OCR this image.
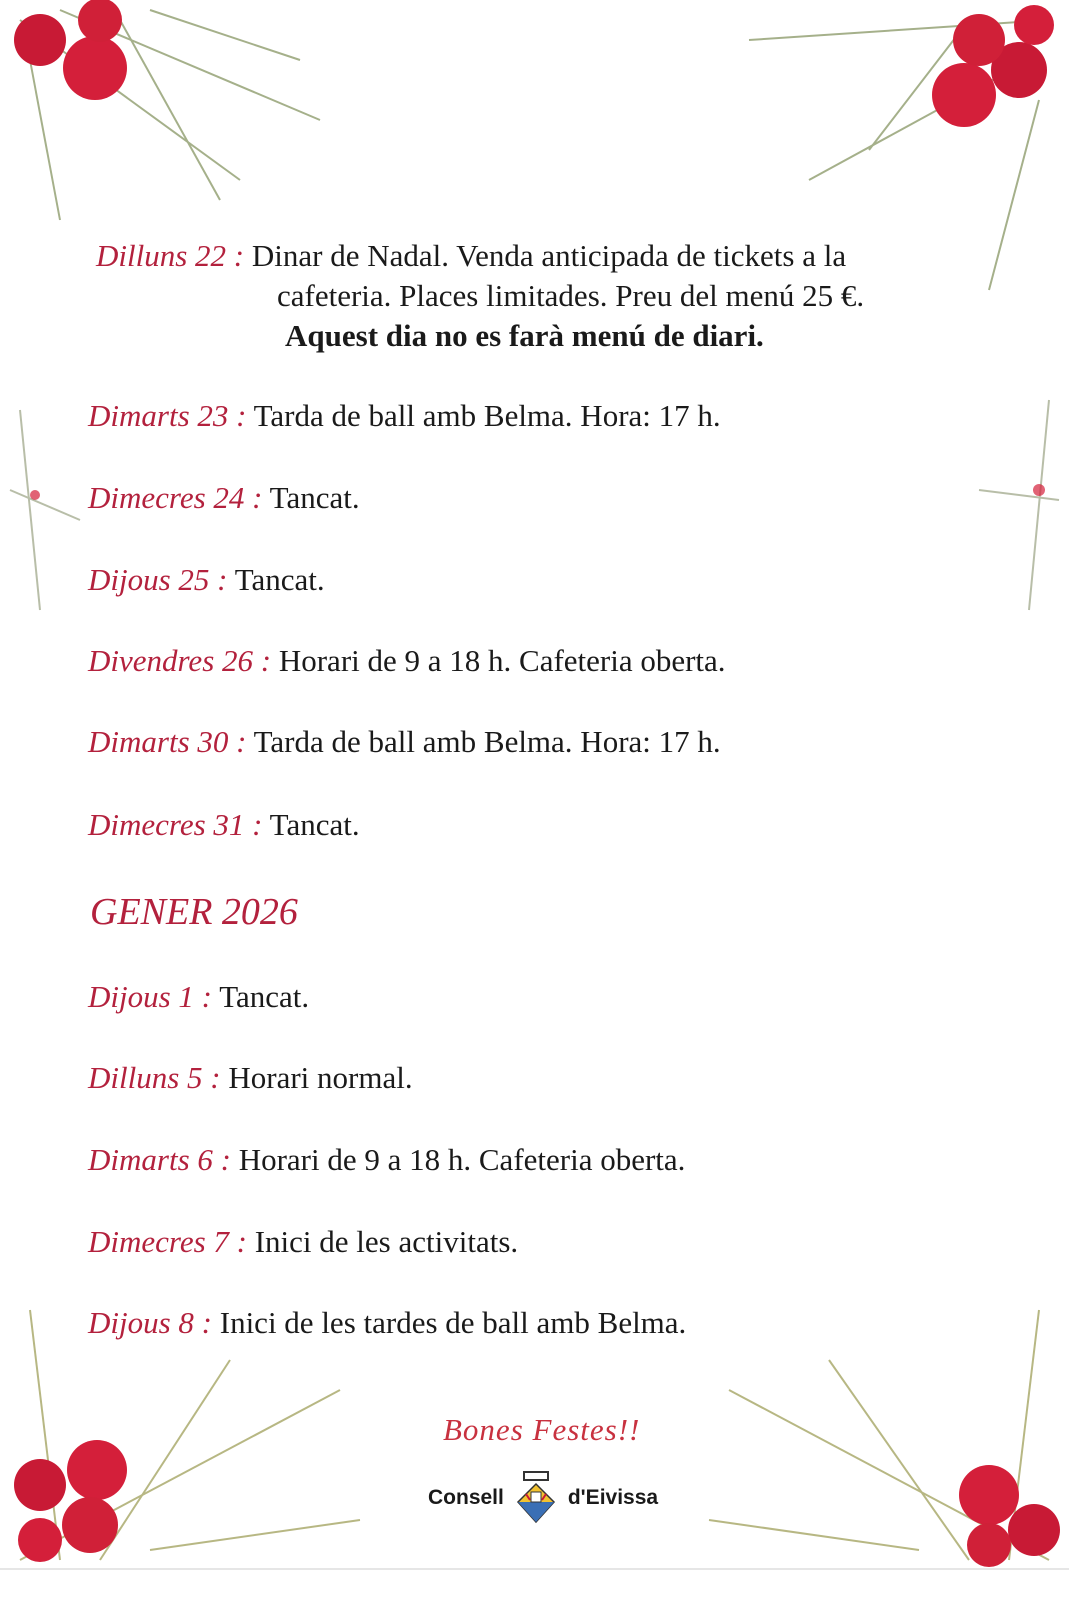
Dilluns 22 : Dinar de Nadal. Venda anticipada de tickets a la
cafeteria. Places limitades. Preu del menú 25 €.
Aquest dia no es farà menú de diari.
Dimarts 23 : Tarda de ball amb Belma. Hora: 17 h.
Dimecres 24 : Tancat.
Dijous 25 : Tancat.
Divendres 26 : Horari de 9 a 18 h. Cafeteria oberta.
Dimarts 30 : Tarda de ball amb Belma. Hora: 17 h.
Dimecres 31 : Tancat.
GENER 2026
Dijous 1 : Tancat.
Dilluns 5 : Horari normal.
Dimarts 6 : Horari de 9 a 18 h. Cafeteria oberta.
Dimecres 7 : Inici de les activitats.
Dijous 8 : Inici de les tardes de ball amb Belma.
Bones Festes!!
Consell	d'Eivissa
